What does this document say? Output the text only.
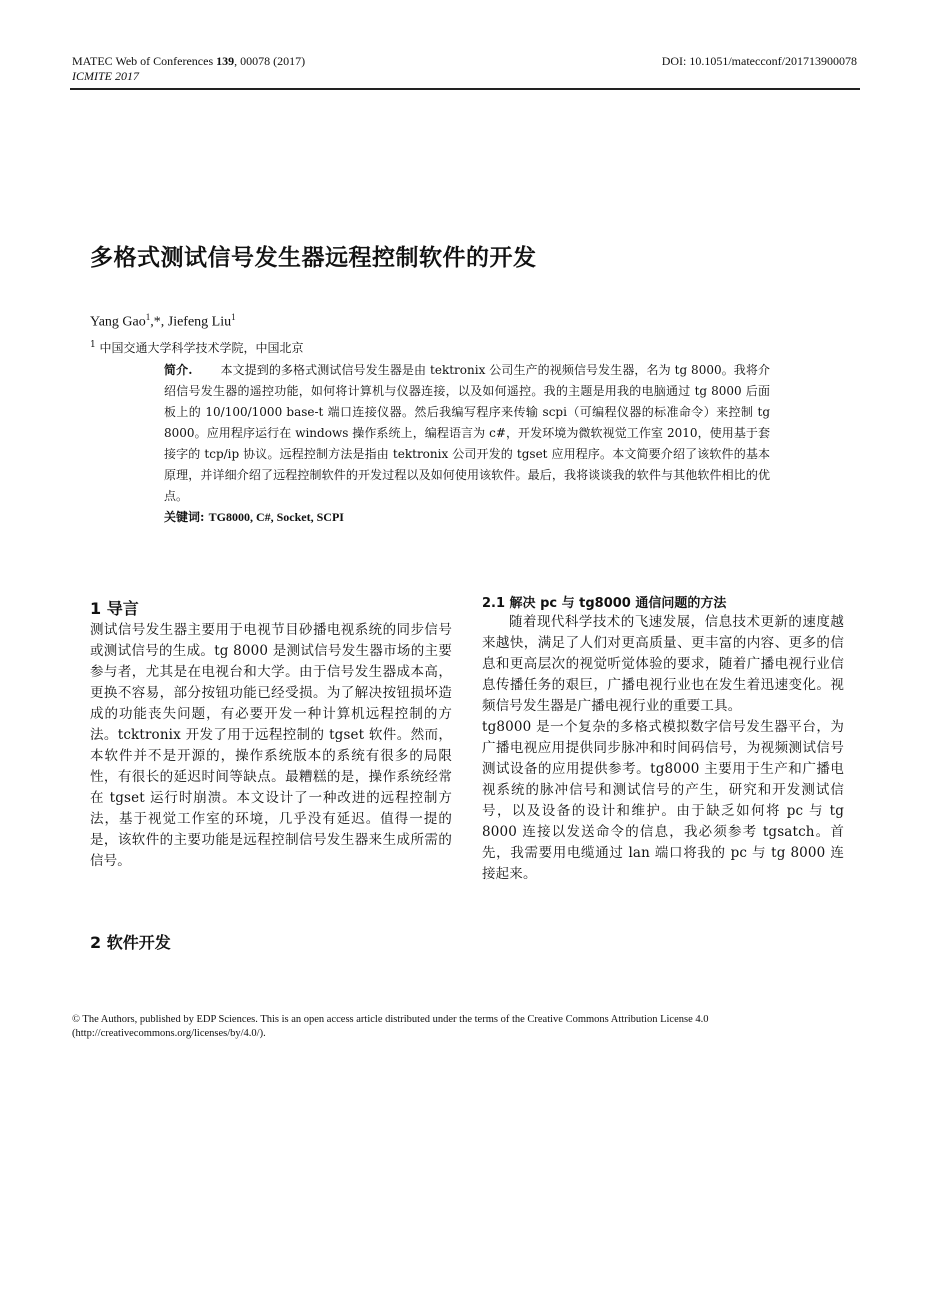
MATEC Web of Conferences 139, 00078 (2017)
ICMITE 2017
DOI: 10.1051/matecconf/201713900078
多格式测试信号发生器远程控制软件的开发
Yang Gao$^1$,*, Jiefeng Liu$^1$
$^1$ 中国交通大学科学技术学院，中国北京

简介. 本文提到的多格式测试信号发生器是由 tektronix 公司生产的视频信号发生器，名为 tg 8000。我将介绍信号发生器的遥控功能，如何将计算机与仪器连接，以及如何遥控。我的主题是用我的电脑通过 tg 8000 后面板上的 10/100/1000 base-t 端口连接仪器。然后我编写程序来传输 scpi（可编程仪器的标准命令）来控制 tg 8000。应用程序运行在 windows 操作系统上，编程语言为 c#，开发环境为微软视觉工作室 2010，使用基于套接字的 tcp/ip 协议。远程控制方法是指由 tektronix 公司开发的 tgset 应用程序。本文简要介绍了该软件的基本原理，并详细介绍了远程控制软件的开发过程以及如何使用该软件。最后，我将谈谈我的软件与其他软件相比的优点。

关键词: TG8000, C#, Socket, SCPI

1 导言

测试信号发生器主要用于电视节目砂播电视系统的同步信号或测试信号的生成。tg 8000 是测试信号发生器市场的主要参与者，尤其是在电视台和大学。由于信号发生器成本高，更换不容易，部分按钮功能已经受损。为了解决按钮损坏造成的功能丧失问题，有必要开发一种计算机远程控制的方法。tcktronix 开发了用于远程控制的 tgset 软件。然而，本软件并不是开源的，操作系统版本的系统有很多的局限性，有很长的延迟时间等缺点。最糟糕的是，操作系统经常在 tgset 运行时崩溃。本文设计了一种改进的远程控制方法，基于视觉工作室的环境，几乎没有延迟。值得一提的是，该软件的主要功能是远程控制信号发生器来生成所需的信号。

2 软件开发
2.1 解决 pc 与 tg8000 通信问题的方法

随着现代科学技术的飞速发展，信息技术更新的速度越来越快，满足了人们对更高质量、更丰富的内容、更多的信息和更高层次的视觉听觉体验的要求，随着广播电视行业信息传播任务的艰巨，广播电视行业也在发生着迅速变化。视频信号发生器是广播电视行业的重要工具。

tg8000 是一个复杂的多格式模拟数字信号发生器平台，为广播电视应用提供同步脉冲和时间码信号，为视频测试信号测试设备的应用提供参考。tg8000 主要用于生产和广播电视系统的脉冲信号和测试信号的产生，研究和开发测试信号，以及设备的设计和维护。由于缺乏如何将 pc 与 tg 8000 连接以发送命令的信息，我必须参考 tgsatch。首先，我需要用电缆通过 lan 端口将我的 pc 与 tg 8000 连接起来。

© The Authors, published by EDP Sciences. This is an open access article distributed under the terms of the Creative Commons Attribution License 4.0 (http://creativecommons.org/licenses/by/4.0/).
